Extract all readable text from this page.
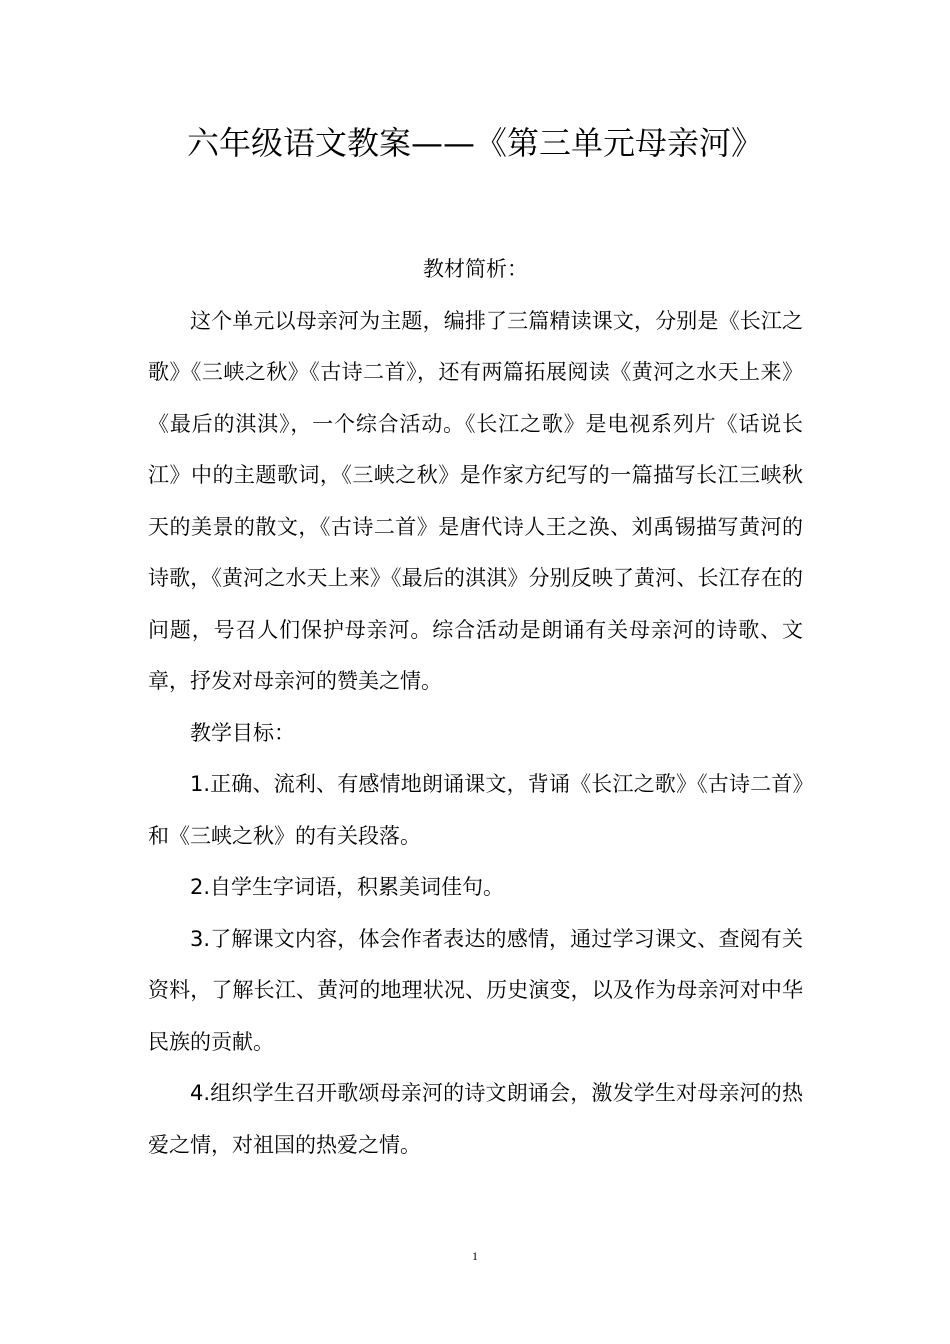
六年级语文教案——《第三单元母亲河》

教材简析：

这个单元以母亲河为主题，编排了三篇精读课文，分别是《长江之歌》《三峡之秋》《古诗二首》，还有两篇拓展阅读《黄河之水天上来》《最后的淇淇》，一个综合活动。《长江之歌》是电视系列片《话说长江》中的主题歌词，《三峡之秋》是作家方纪写的一篇描写长江三峡秋天的美景的散文，《古诗二首》是唐代诗人王之涣、刘禹锡描写黄河的诗歌，《黄河之水天上来》《最后的淇淇》分别反映了黄河、长江存在的问题，号召人们保护母亲河。综合活动是朗诵有关母亲河的诗歌、文章，抒发对母亲河的赞美之情。

教学目标：

1.正确、流利、有感情地朗诵课文，背诵《长江之歌》《古诗二首》和《三峡之秋》的有关段落。

2.自学生字词语，积累美词佳句。

3.了解课文内容，体会作者表达的感情，通过学习课文、查阅有关资料，了解长江、黄河的地理状况、历史演变，以及作为母亲河对中华民族的贡献。

4.组织学生召开歌颂母亲河的诗文朗诵会，激发学生对母亲河的热爱之情，对祖国的热爱之情。

1
